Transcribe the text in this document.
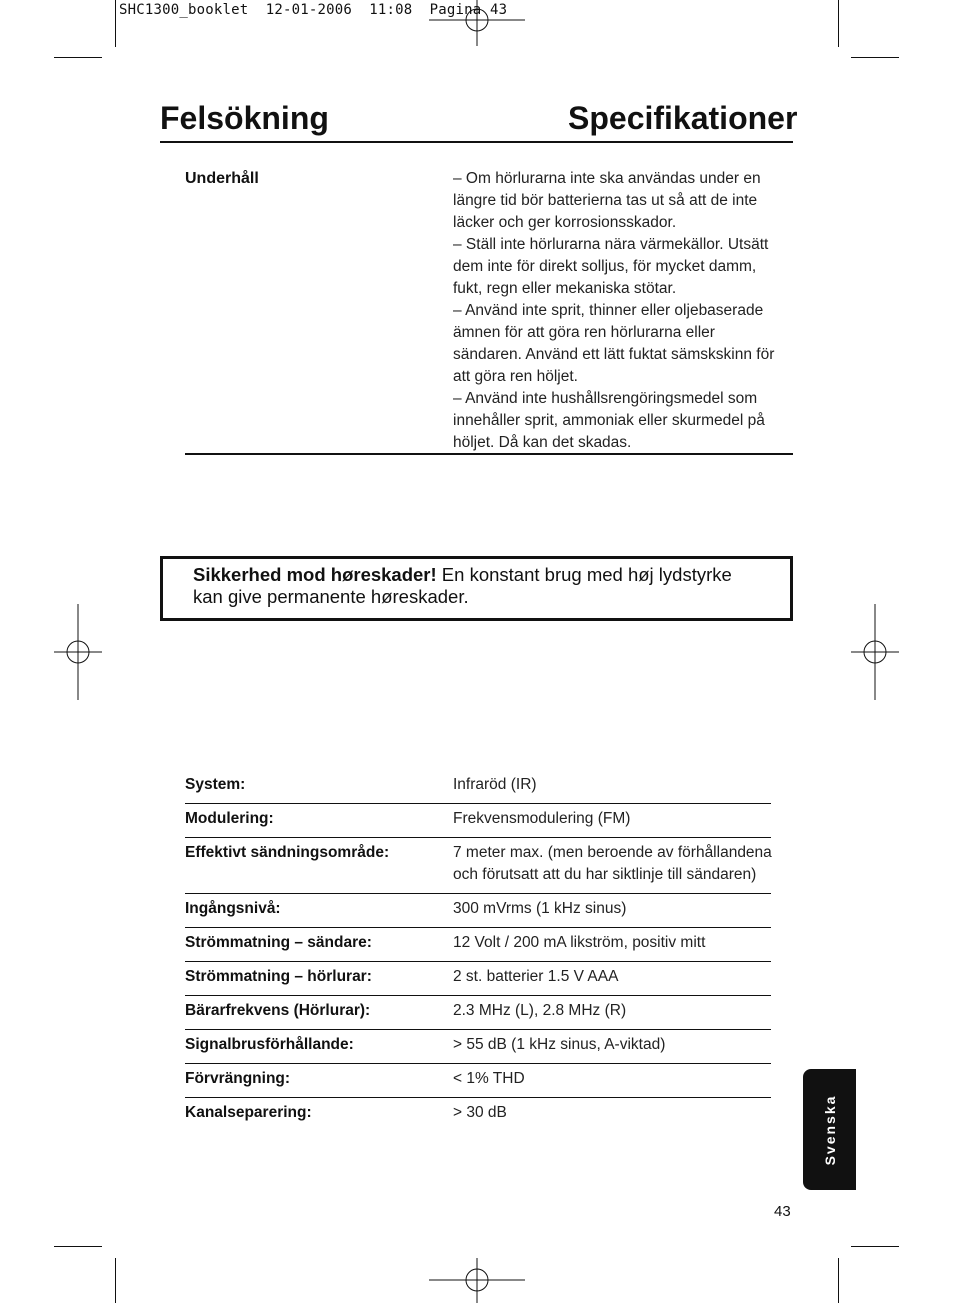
SHC1300_booklet  12-01-2006  11:08  Pagina 43
Felsökning	Specifikationer
Underhåll	– Om hörlurarna inte ska användas under en längre tid bör batterierna tas ut så att de inte läcker och ger korrosionsskador.

– Ställ inte hörlurarna nära värmekällor. Utsätt dem inte för direkt solljus, för mycket damm, fukt, regn eller mekaniska stötar.

– Använd inte sprit, thinner eller oljebaserade ämnen för att göra ren hörlurarna eller sändaren. Använd ett lätt fuktat sämskskinn för att göra ren höljet.

– Använd inte hushållsrengöringsmedel som innehåller sprit, ammoniak eller skurmedel på höljet. Då kan det skadas.

Sikkerhed mod høreskader! En konstant brug med høj lydstyrke kan give permanente høreskader.
System:	Infraröd (IR)
Modulering:	Frekvensmodulering (FM)
Effektivt sändningsområde:	7 meter max. (men beroende av förhållandena och förutsatt att du har siktlinje till sändaren)
Ingångsnivå:	300 mVrms (1 kHz sinus)
Strömmatning – sändare:	12 Volt / 200 mA likström, positiv mitt
Strömmatning – hörlurar:	2 st. batterier 1.5 V AAA
Bärarfrekvens (Hörlurar):	2.3 MHz (L), 2.8 MHz (R)
Signalbrusförhållande:	> 55 dB (1 kHz sinus, A-viktad)
Förvrängning:	< 1% THD
Kanalseparering:	> 30 dB	Svenska
43
